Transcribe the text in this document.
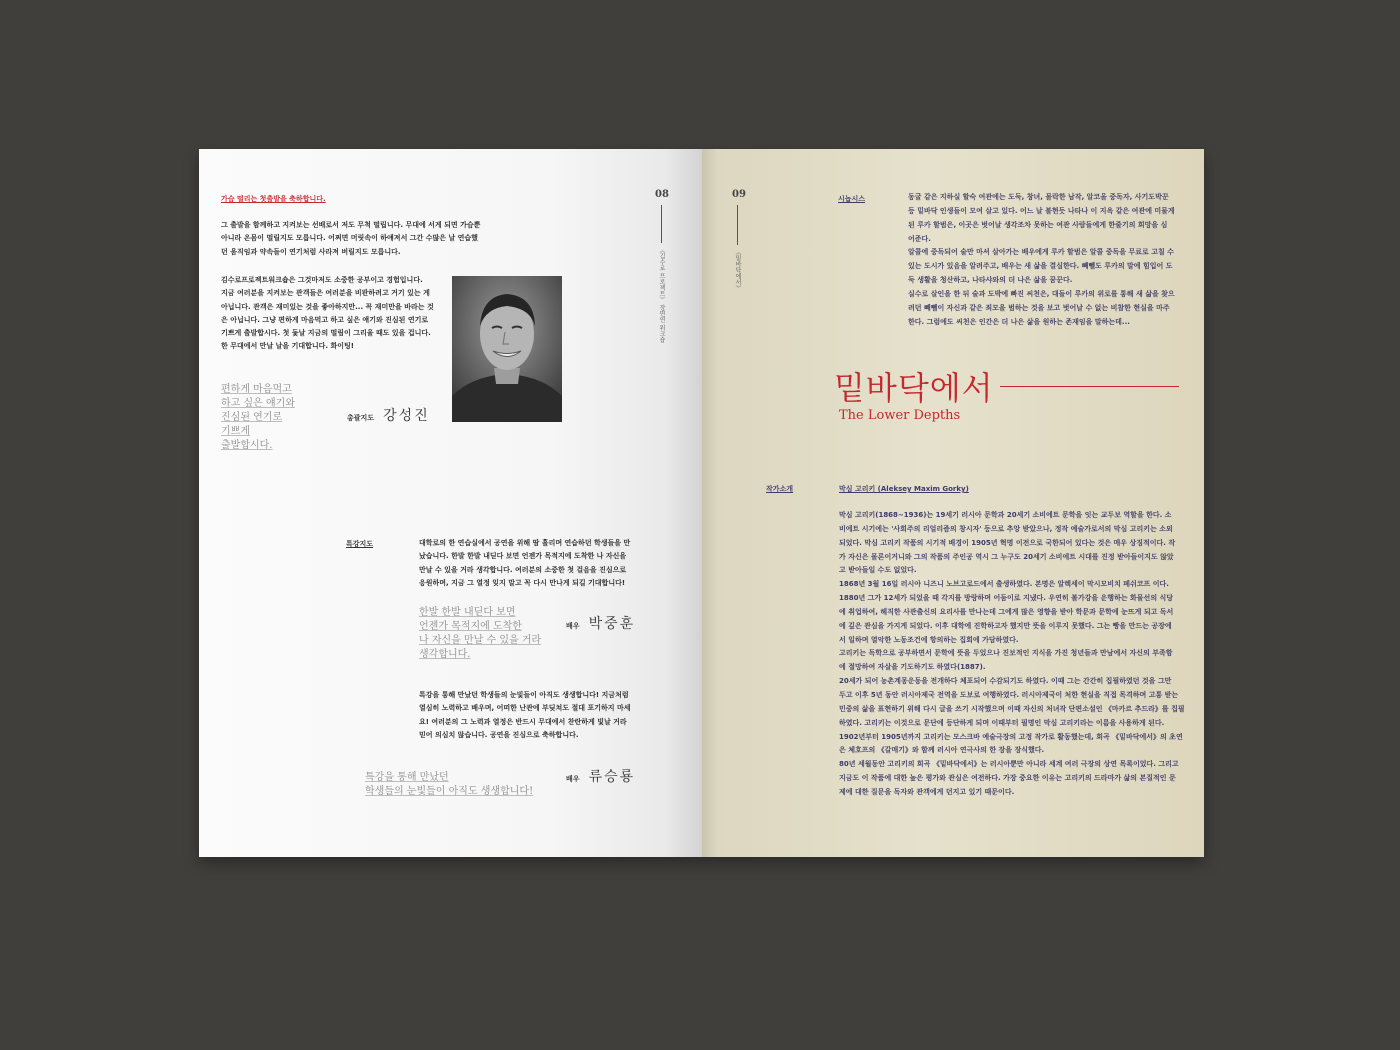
가슴 떨리는 첫출발을 축하합니다.	08
《김수로 프로젝트》 장면연 워크숍

그 출발을 함께하고 지켜보는 선배로서 저도 무척 떨립니다. 무대에 서게 되면 가슴뿐

아니라 온몸이 떨릴지도 모릅니다. 어쩌면 머릿속이 하얘져서 그간 수많은 날 연습했

던 움직임과 약속들이 연기처럼 사라져 버릴지도 모릅니다.

김수로프로젝트워크숍은 그것마저도 소중한 공부이고 경험입니다.

지금 여러분을 지켜보는 관객들은 여러분을 비판하려고 거기 있는 게

아닙니다. 관객은 재미있는 것을 좋아하지만... 꼭 재미만을 바라는 것

은 아닙니다. 그냥 편하게 마음먹고 하고 싶은 얘기와 진심된 연기로

기쁘게 출발합시다. 첫 돛날 지금의 떨림이 그리울 때도 있을 겁니다.

한 무대에서 만날 날을 기대합니다. 화이팅!

편하게 마음먹고
하고 싶은 얘기와
진심된 연기로
기쁘게
출발합시다.
총괄지도 강성진
특강지도	대학로의 한 연습실에서 공연을 위해 땀 흘리며 연습하던 학생들을 만

났습니다. 한발 한발 내딛다 보면 언젠가 목적지에 도착한 나 자신을

만날 수 있을 거라 생각합니다. 여러분의 소중한 첫 걸음을 진심으로

응원하며, 지금 그 열정 잊지 말고 꼭 다시 만나게 되길 기대합니다!

한발 한발 내딛다 보면
언젠가 목적지에 도착한
나 자신을 만날 수 있을 거라
생각합니다.
배우 박중훈

특강을 통해 만났던 학생들의 눈빛들이 아직도 생생합니다! 지금처럼

열심히 노력하고 배우며, 어떠한 난관에 부딪쳐도 절대 포기하지 마세

요! 여러분의 그 노력과 열정은 반드시 무대에서 찬란하게 빛날 거라

믿어 의심치 않습니다. 공연을 진심으로 축하합니다.

특강을 통해 만났던
학생들의 눈빛들이 아직도 생생합니다!
배우 류승룡
09
《밑바닥에서》
시놉시스	동굴 같은 지하실 할숙 여관에는 도둑, 창녀, 몰락한 남작, 알코올 중독자, 사기도박꾼

등 밑바닥 인생들이 모여 살고 있다. 어느 날 불현듯 나타나 이 지옥 같은 여관에 미물게

된 루카 할범은, 이곳은 벗어날 생각조차 못하는 여관 사람들에게 한줄기의 희망을 심

어준다.

알콜에 중독되어 술만 마셔 살아가는 배우에게 루카 할범은 알콜 중독을 무료로 고칠 수

있는 도시가 있음을 알려주고, 배우는 새 삶을 결심한다. 빼뻴도 루카의 말에 힘입어 도

둑 생활을 청산하고, 나타샤와의 더 나은 삶을 꿈꾼다.

실수로 살인을 한 뒤 술과 도박에 빠진 씨천은, 대들이 루카의 위로를 통해 새 삶을 찾으

려던 빼뻴이 자신과 같은 죄모을 범하는 것을 보고 벗어날 수 없는 비참한 현실을 마주

한다. 그럼에도 씨천은 인간은 더 나은 삶을 원하는 존재임을 말하는데...

밑바닥에서
The Lower Depths
작가소개	막심 고리키 (Aleksey Maxim Gorky)

막심 고리키(1868~1936)는 19세기 러시아 문학과 20세기 소비에트 문학을 잇는 교두보 역할을 한다. 소

비에트 시기에는 '사회주의 리얼리즘의 창시자' 등으로 추앙 받았으나, 정작 예술가로서의 막심 고리키는 소외

되었다. 막심 고리키 작품의 시기적 배경이 1905년 혁명 이전으로 국한되어 있다는 것은 매우 상징적이다. 작

가 자신은 몰론이거니와 그의 작품의 주인공 역시 그 누구도 20세기 소비에트 시대를 진정 받아들이지도 않았

고 받아들일 수도 없었다.

1868년 3월 16일 러시아 니즈니 노브고로드에서 출생하였다. 본명은 알렉세이 막시모비치 페쉬코프 이다.

1880년 그가 12세가 되었을 때 각지를 방랑하며 어둠이로 지냈다. 우연히 볼가강을 운행하는 화물선의 식당

에 취업하여, 헤직한 사관출신의 요리사를 만나는데 그에게 많은 영향을 받아 학문과 문학에 눈뜨게 되고 독서

에 깊은 관심을 가지게 되었다. 이후 대학에 진학하고자 했지만 뜻을 이루지 못했다. 그는 빵을 만드는 공장에

서 일하며 열악한 노동조건에 항의하는 집회에 가담하였다.

고리키는 독학으로 공부하면서 문학에 뜻을 두었으나 진보적인 지식을 가진 청년들과 만남에서 자신의 부족함

에 절망하여 자살을 기도하기도 하였다(1887).

20세가 되어 농촌계몽운동을 전개하다 체포되어 수감되기도 하였다. 이때 그는 간간히 집필하였던 것을 그만

두고 이후 5년 동안 러시아제국 전역을 도보로 여행하였다. 러시아제국이 처한 현실을 직접 목격하며 고통 받는

민중의 삶을 표현하기 위해 다시 글을 쓰기 시작했으며 이때 자신의 처녀작 단편소설인 《마카르 추드라》를 집필

하였다. 고리키는 이것으로 문단에 등단하게 되며 이때부터 필명인 막심 고리키라는 이름을 사용하게 된다.

1902년부터 1905년까지 고리키는 모스크바 예술극장의 고정 작가로 활동했는데, 희곡 《밑바닥에서》의 초연

은 체호프의 《갈매기》와 함께 러시아 연극사의 한 장을 장식했다.

80년 세월동안 고리키의 희곡 《밑바닥에서》는 러시아뿐만 아니라 세계 여러 극장의 상연 목록이었다. 그리고

지금도 이 작품에 대한 높은 평가와 관심은 여전하다. 가장 중요한 이유는 고리키의 드라마가 삶의 본질적인 문

제에 대한 질문을 독자와 관객에게 던지고 있기 때문이다.
